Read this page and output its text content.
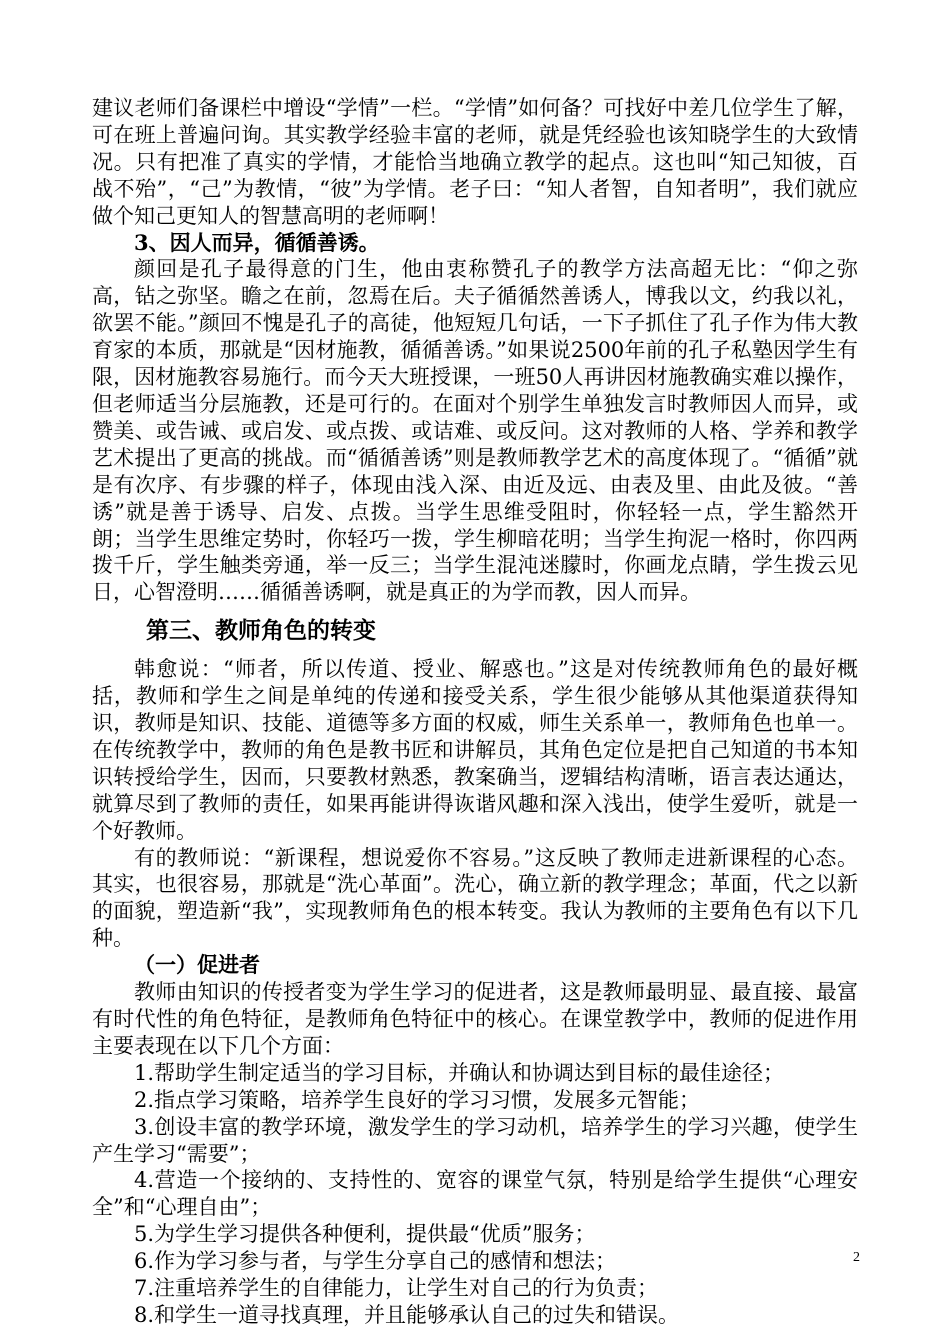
建议老师们备课栏中增设“学情”一栏。“学情”如何备？可找好中差几位学生了解，可在班上普遍问询。其实教学经验丰富的老师，就是凭经验也该知晓学生的大致情况。只有把准了真实的学情，才能恰当地确立教学的起点。这也叫“知己知彼，百战不殆”，“己”为教情，“彼”为学情。老子曰：“知人者智，自知者明”，我们就应做个知己更知人的智慧高明的老师啊！

3、因人而异，循循善诱。

颜回是孔子最得意的门生，他由衷称赞孔子的教学方法高超无比：“仰之弥高，钻之弥坚。瞻之在前，忽焉在后。夫子循循然善诱人，博我以文，约我以礼，欲罢不能。”颜回不愧是孔子的高徒，他短短几句话，一下子抓住了孔子作为伟大教育家的本质，那就是“因材施教，循循善诱。”如果说2500年前的孔子私塾因学生有限，因材施教容易施行。而今天大班授课，一班50人再讲因材施教确实难以操作，但老师适当分层施教，还是可行的。在面对个别学生单独发言时教师因人而异，或赞美、或告诫、或启发、或点拨、或诘难、或反问。这对教师的人格、学养和教学艺术提出了更高的挑战。而“循循善诱”则是教师教学艺术的高度体现了。“循循”就是有次序、有步骤的样子，体现由浅入深、由近及远、由表及里、由此及彼。“善诱”就是善于诱导、启发、点拨。当学生思维受阻时，你轻轻一点，学生豁然开朗；当学生思维定势时，你轻巧一拨，学生柳暗花明；当学生拘泥一格时，你四两拨千斤，学生触类旁通，举一反三；当学生混沌迷朦时，你画龙点睛，学生拨云见日，心智澄明……循循善诱啊，就是真正的为学而教，因人而异。

第三、教师角色的转变

韩愈说：“师者，所以传道、授业、解惑也。”这是对传统教师角色的最好概括，教师和学生之间是单纯的传递和接受关系，学生很少能够从其他渠道获得知识，教师是知识、技能、道德等多方面的权威，师生关系单一，教师角色也单一。在传统教学中，教师的角色是教书匠和讲解员，其角色定位是把自己知道的书本知识转授给学生，因而，只要教材熟悉，教案确当，逻辑结构清晰，语言表达通达，就算尽到了教师的责任，如果再能讲得诙谐风趣和深入浅出，使学生爱听，就是一个好教师。

有的教师说：“新课程，想说爱你不容易。”这反映了教师走进新课程的心态。其实，也很容易，那就是“洗心革面”。洗心，确立新的教学理念；革面，代之以新的面貌，塑造新“我”，实现教师角色的根本转变。我认为教师的主要角色有以下几种。

（一）促进者

教师由知识的传授者变为学生学习的促进者，这是教师最明显、最直接、最富有时代性的角色特征，是教师角色特征中的核心。在课堂教学中，教师的促进作用主要表现在以下几个方面：

1.帮助学生制定适当的学习目标，并确认和协调达到目标的最佳途径；

2.指点学习策略，培养学生良好的学习习惯，发展多元智能；

3.创设丰富的教学环境，激发学生的学习动机，培养学生的学习兴趣，使学生产生学习“需要”；

4.营造一个接纳的、支持性的、宽容的课堂气氛，特别是给学生提供“心理安全”和“心理自由”；

5.为学生学习提供各种便利，提供最“优质”服务；

6.作为学习参与者，与学生分享自己的感情和想法；

7.注重培养学生的自律能力，让学生对自己的行为负责；

8.和学生一道寻找真理，并且能够承认自己的过失和错误。

2
